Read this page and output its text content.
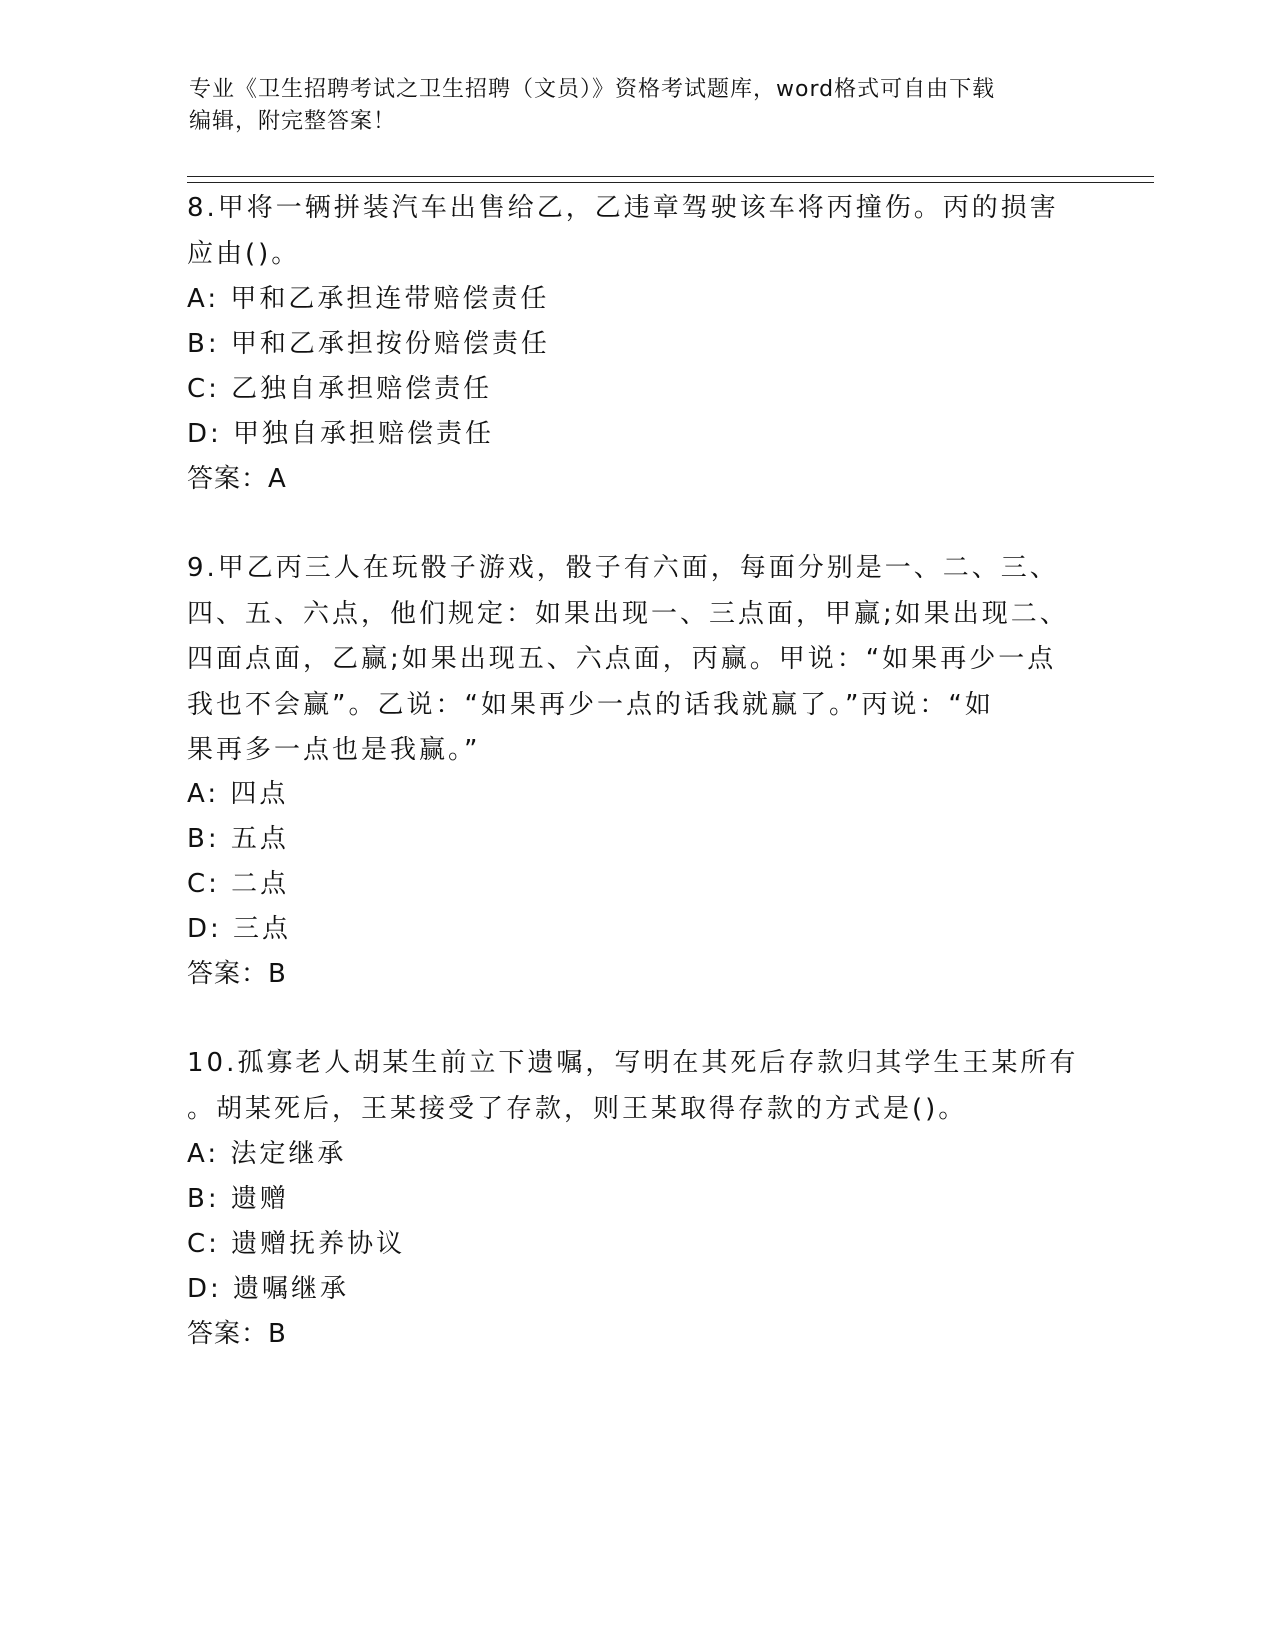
专业《卫生招聘考试之卫生招聘（文员）》资格考试题库，word格式可自由下载
编辑，附完整答案！
8.甲将一辆拼装汽车出售给乙，乙违章驾驶该车将丙撞伤。丙的损害
应由()。
A: 甲和乙承担连带赔偿责任
B: 甲和乙承担按份赔偿责任
C: 乙独自承担赔偿责任
D: 甲独自承担赔偿责任
答案：A
9.甲乙丙三人在玩骰子游戏，骰子有六面，每面分别是一、二、三、
四、五、六点，他们规定：如果出现一、三点面，甲赢;如果出现二、
四面点面，乙赢;如果出现五、六点面，丙赢。甲说：“如果再少一点
我也不会赢”。乙说：“如果再少一点的话我就赢了。”丙说：“如
果再多一点也是我赢。”
A: 四点
B: 五点
C: 二点
D: 三点
答案：B
10.孤寡老人胡某生前立下遗嘱，写明在其死后存款归其学生王某所有
。胡某死后，王某接受了存款，则王某取得存款的方式是()。
A: 法定继承
B: 遗赠
C: 遗赠抚养协议
D: 遗嘱继承
答案：B
